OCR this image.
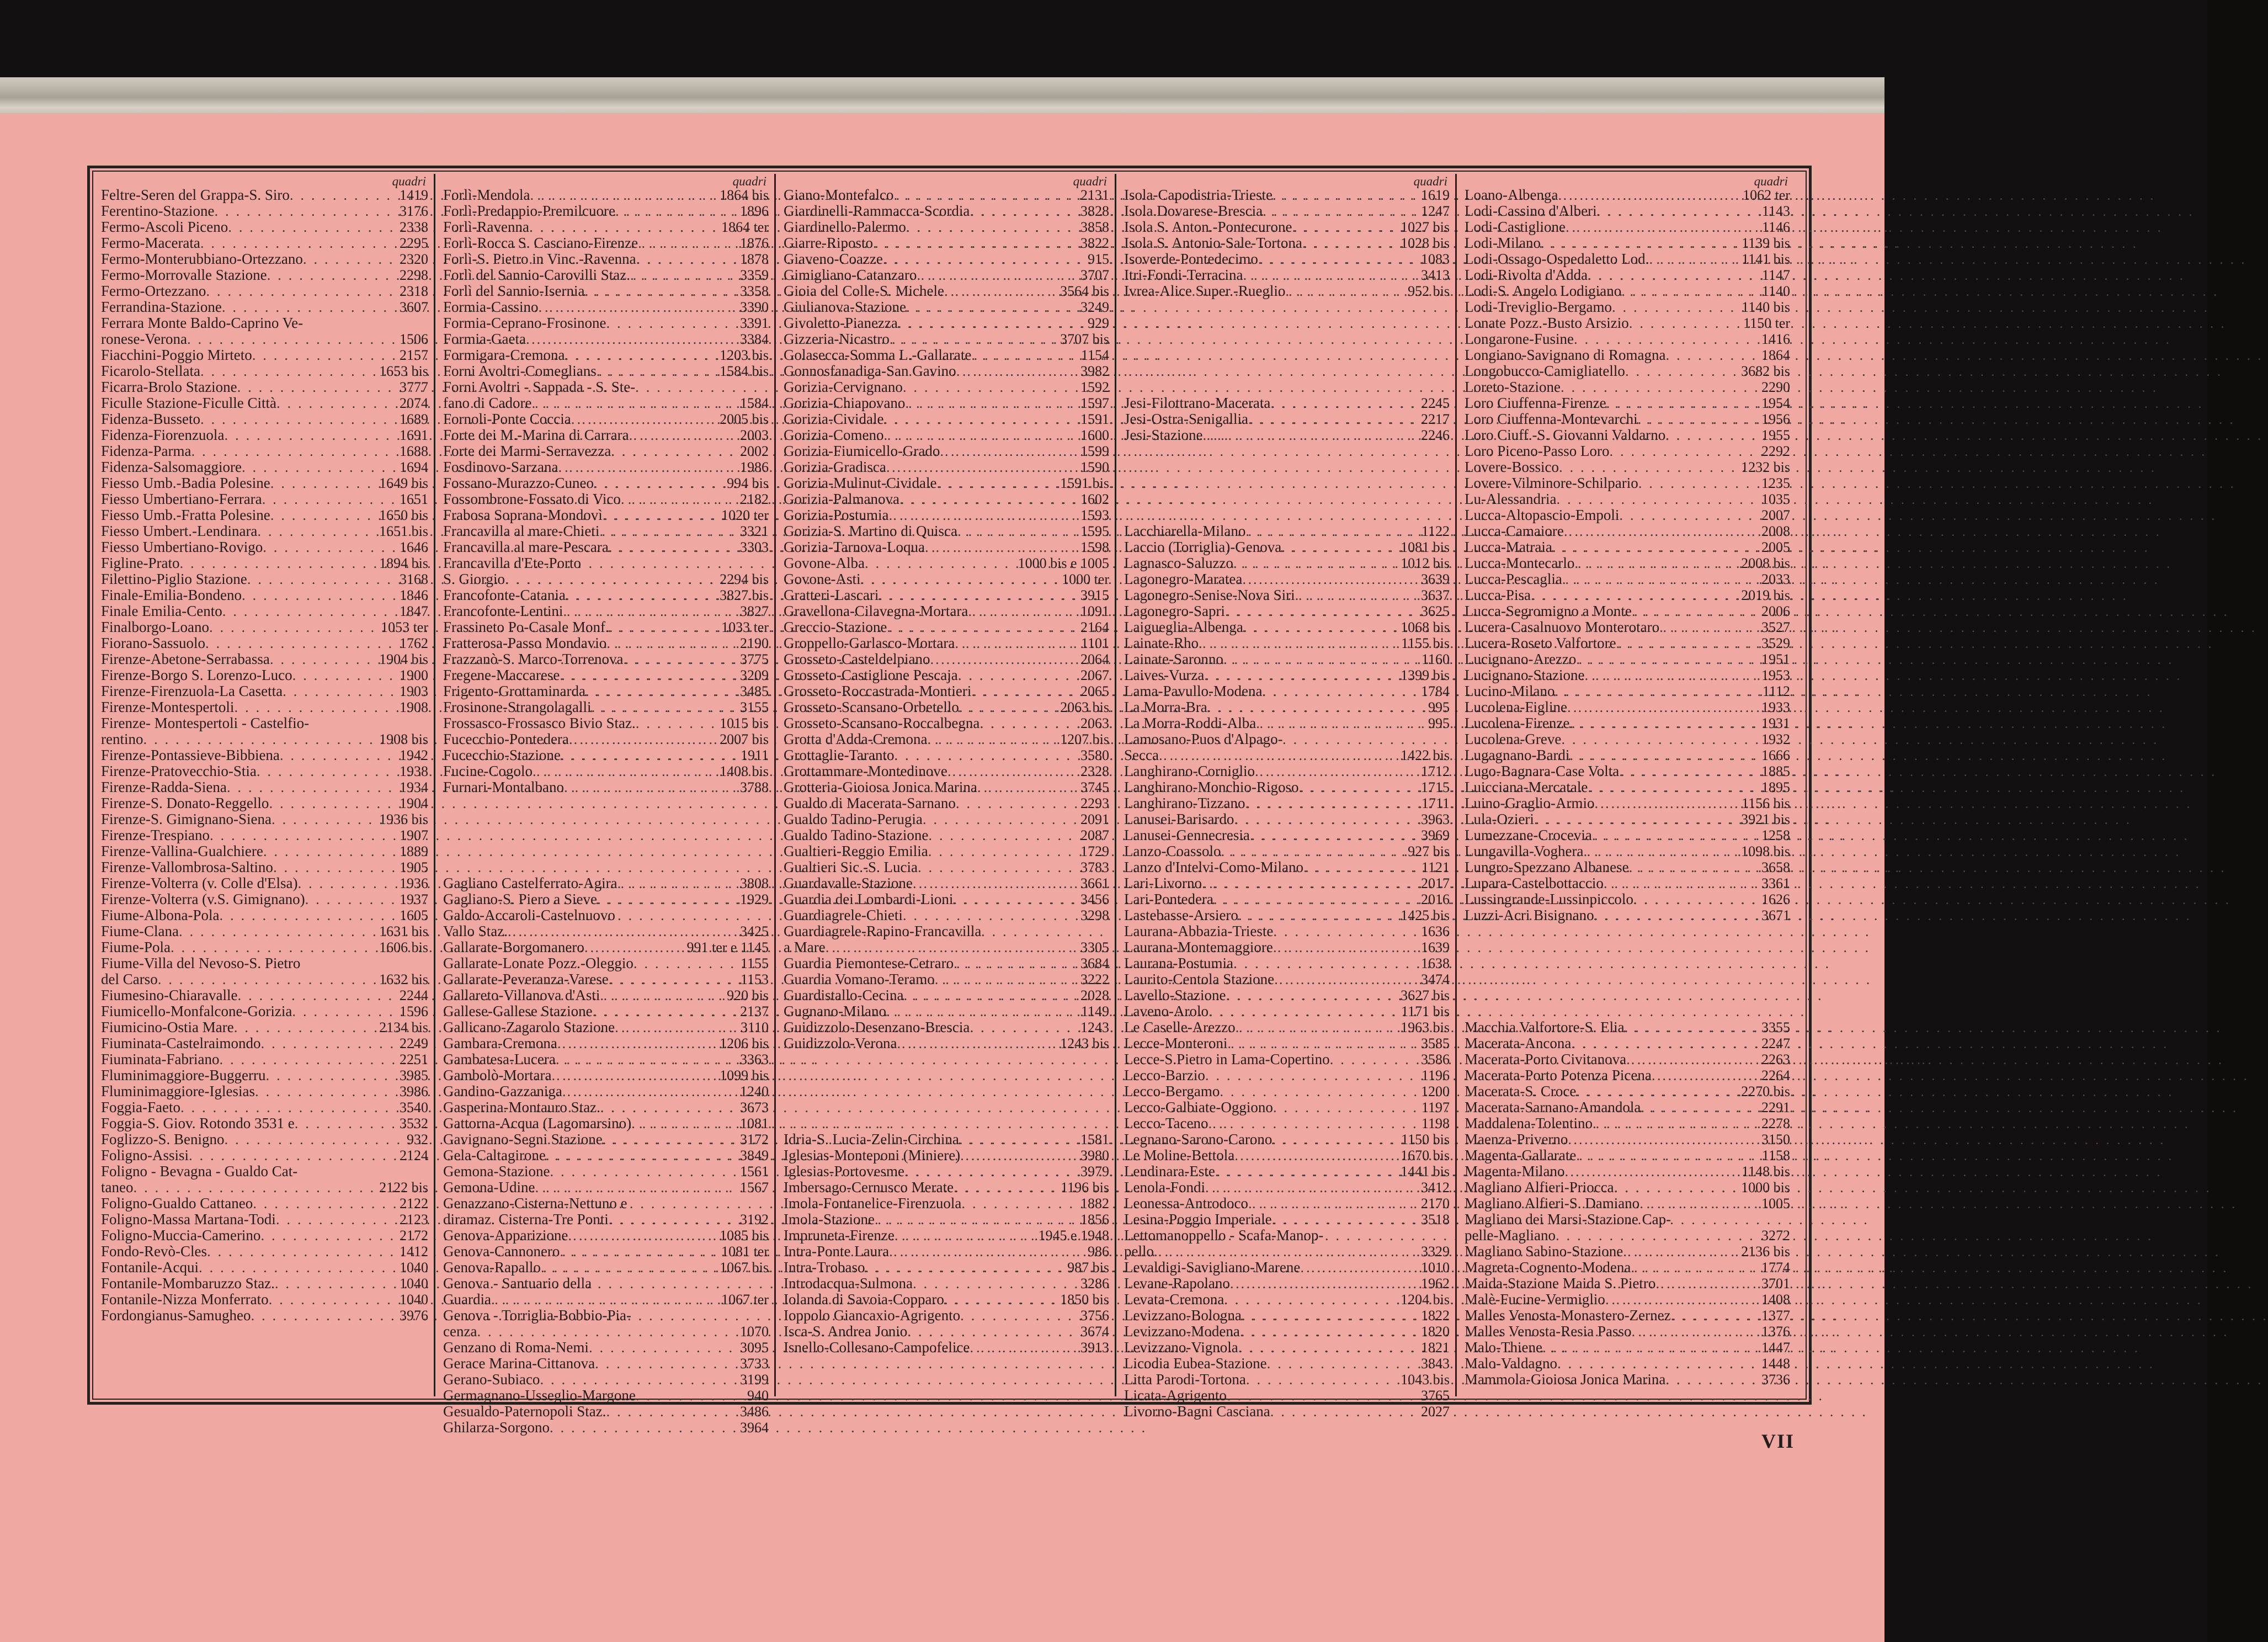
quadri
Feltre-Seren del Grappa-S. Siro . . .	1419
Ferentino-Stazione . . .	3176
Fermo-Ascoli Piceno . . .	2338
Fermo-Macerata . . .	2295
Fermo-Monterubbiano-Ortezzano . . .	2320
Fermo-Morrovalle Stazione . . .	2298
Fermo-Ortezzano . . .	2318
Ferrandina-Stazione . . .	3607
Ferrara Monte Baldo-Caprino Ve-
ronese-Verona . . .	1506
Fiacchini-Poggio Mirteto . . .	2157
Ficarolo-Stellata . . .	1653 bis
Ficarra-Brolo Stazione . . .	3777
Ficulle Stazione-Ficulle Città . . .	2074
Fidenza-Busseto . . .	1689
Fidenza-Fiorenzuola . . .	1691
Fidenza-Parma . . .	1688
Fidenza-Salsomaggiore . . .	1694
Fiesso Umb.-Badia Polesine . . .	1649 bis
Fiesso Umbertiano-Ferrara . . .	1651
Fiesso Umb.-Fratta Polesine . . .	1650 bis
Fiesso Umbert.-Lendinara . . .	1651 bis
Fiesso Umbertiano-Rovigo . . .	1646
Figline-Prato . . .	1894 bis
Filettino-Piglio Stazione . . .	3168
Finale-Emilia-Bondeno . . .	1846
Finale Emilia-Cento . . .	1847
Finalborgo-Loano . . .	1053 ter
Fiorano-Sassuolo . . .	1762
Firenze-Abetone-Serrabassa . . .	1904 bis
Firenze-Borgo S. Lorenzo-Luco . . .	1900
Firenze-Firenzuola-La Casetta . . .	1903
Firenze-Montespertoli . . .	1908
Firenze- Montespertoli - Castelfio-
rentino . . .	1908 bis
Firenze-Pontassieve-Bibbiena . . .	1942
Firenze-Pratovecchio-Stia . . .	1938
Firenze-Radda-Siena . . .	1934
Firenze-S. Donato-Reggello . . .	1904
Firenze-S. Gimignano-Siena . . .	1936 bis
Firenze-Trespiano . . .	1907
Firenze-Vallina-Gualchiere . . .	1889
Firenze-Vallombrosa-Saltino . . .	1905
Firenze-Volterra (v. Colle d'Elsa) . . .	1936
Firenze-Volterra (v.S. Gimignano) . . .	1937
Fiume-Albona-Pola . . .	1605
Fiume-Clana . . .	1631 bis
Fiume-Pola . . .	1606 bis
Fiume-Villa del Nevoso-S. Pietro
del Carso . . .	1632 bis
Fiumesino-Chiaravalle . . .	2244
Fiumicello-Monfalcone-Gorizia . . .	1596
Fiumicino-Ostia Mare . . .	2134 bis
Fiuminata-Castelraimondo . . .	2249
Fiuminata-Fabriano . . .	2251
Fluminimaggiore-Buggerru . . .	3985
Fluminimaggiore-Iglesias . . .	3986
Foggia-Faeto . . .	3540
Foggia-S. Giov. Rotondo 3531 e . . .	3532
Foglizzo-S. Benigno . . .	932
Foligno-Assisi . . .	2124
Foligno - Bevagna - Gualdo Cat-
taneo . . .	2122 bis
Foligno-Gualdo Cattaneo . . .	2122
Foligno-Massa Martana-Todi . . .	2123
Foligno-Muccia-Camerino . . .	2172
Fondo-Revò-Cles . . .	1412
Fontanile-Acqui . . .	1040
Fontanile-Mombaruzzo Staz. . . .	1040
Fontanile-Nizza Monferrato . . .	1040
Fordongianus-Samugheo . . .	3976
quadri
Forlì-Mendola . . .	1864 bis
Forlì-Predappio-Premilcuore . . .	1896
Forlì-Ravenna . . .	1864 ter
Forlì-Rocca S. Casciano-Firenze . . .	1876
Forlì-S. Pietro in Vinc.-Ravenna . . .	1878
Forlì del Sannio-Carovilli Staz. . . .	3359
Forlì del Sannio-Isernia . . .	3358
Formia-Cassino . . .	3390
Formia-Ceprano-Frosinone . . .	3391
Formia-Gaeta . . .	3384
Formigara-Cremona . . .	1203 bis
Forni Avoltri-Comeglians . . .	1584 bis
Forni Avoltri - Sappada - S. Ste-
fano di Cadore . . .	1584
Fornoli-Ponte Coccia . . .	2005 bis
Forte dei M.-Marina di Carrara . . .	2003
Forte dei Marmi-Serravezza . . .	2002
Fosdinovo-Sarzana . . .	1986
Fossano-Murazzo-Cuneo . . .	994 bis
Fossombrone-Fossato di Vico . . .	2182
Frabosa Soprana-Mondovì . . .	1020 ter
Francavilla al mare-Chieti . . .	3321
Francavilla al mare-Pescara . . .	3303
Francavilla d'Ete-Porto
S. Giorgio . . .	2294 bis
Francofonte-Catania . . .	3827 bis
Francofonte-Lentini . . .	3827
Frassineto Po-Casale Monf. . . .	1033 ter
Fratterosa-Passo Mondavio . . .	2190
Frazzanò-S. Marco-Torrenova . . .	3775
Fregene-Maccarese . . .	3209
Frigento-Grottaminarda . . .	3485
Frosinone-Strangolagalli . . .	3155
Frossasco-Frossasco Bivio Staz. . . .	1015 bis
Fucecchio-Pontedera . . .	2007 bis
Fucecchio-Stazione . . .	1911
Fucine-Cogolo . . .	1408 bis
Furnari-Montalbano . . .	3788
Gagliano Castelferrato-Agira . . .	3808
Gagliano-S. Piero a Sieve . . .	1929
Galdo-Accaroli-Castelnuovo
Vallo Staz. . . .	3425
Gallarate-Borgomanero . . .	991 ter e 1145
Gallarate-Lonate Pozz.-Oleggio . . .	1155
Gallarate-Peveranza-Varese . . .	1153
Gallareto-Villanova d'Asti . . .	920 bis
Gallese-Gallese Stazione . . .	2137
Gallicano-Zagarolo Stazione . . .	3110
Gambara-Cremona . . .	1206 bis
Gambatesa-Lucera . . .	3363
Gambolò-Mortara . . .	1099 bis
Gandino-Gazzaniga . . .	1240
Gasperina-Montauro Staz. . . .	3673
Gattorna-Acqua (Lagomarsino) . . .	1081
Gavignano-Segni Stazione . . .	3172
Gela-Caltagirone . . .	3849
Gemona-Stazione . . .	1561
Gemona-Udine . . .	1567
Genazzano-Cisterna-Nettuno e
diramaz. Cisterna-Tre Ponti . . .	3192
Genova-Apparizione . . .	1085 bis
Genova-Cannonero . . .	1081 ter
Genova-Rapallo . . .	1067 bis
Genova - Santuario della
Guardia . . .	1067 ter
Genova - Torriglia-Bobbio-Pia-
cenza . . .	1070
Genzano di Roma-Nemi . . .	3095
Gerace Marina-Cittanova . . .	3733
Gerano-Subiaco . . .	3199
Germagnano-Usseglio-Margone . . .	940
Gesualdo-Paternopoli Staz. . . .	3486
Ghilarza-Sorgono . . .	3964
quadri
Giano-Montefalco . . .	2131
Giardinelli-Rammacca-Scordia . . .	3828
Giardinello-Palermo . . .	3858
Giarre-Riposto . . .	3822
Giaveno-Coazze . . .	915
Gimigliano-Catanzaro . . .	3707
Gioia del Colle-S. Michele . . .	3564 bis
Giulianova-Stazione . . .	3249
Givoletto-Pianezza . . .	929
Gizzeria-Nicastro . . .	3707 bis
Golasecca-Somma L.-Gallarate . . .	1154
Gonnosfanadiga-San Gavino . . .	3982
Gorizia-Cervignano . . .	1592
Gorizia-Chiapovano . . .	1597
Gorizia-Cividale . . .	1591
Gorizia-Comeno . . .	1600
Gorizia-Fiumicello-Grado . . .	1599
Gorizia-Gradisca . . .	1590
Gorizia-Mulinut-Cividale . . .	1591 bis
Gorizia-Palmanova . . .	1602
Gorizia-Postumia . . .	1593
Gorizia-S. Martino di Quisca . . .	1595
Gorizia-Tarnova-Loqua . . .	1598
Govone-Alba . . .	1000 bis e 1005
Govone-Asti . . .	1000 ter
Gratteri-Lascari . . .	3915
Gravellona-Cilavegna-Mortara . . .	1091
Greccio-Stazione . . .	2164
Groppello-Garlasco-Mortara . . .	1101
Grosseto-Casteldelpiano . . .	2064
Grosseto-Castiglione Pescaja . . .	2067
Grosseto-Roccastrada-Montieri . . .	2065
Grosseto-Scansano-Orbetello . . .	2063 bis
Grosseto-Scansano-Roccalbegna . . .	2063
Grotta d'Adda-Cremona . . .	1207 bis
Grottaglie-Taranto . . .	3580
Grottammare-Montedinove . . .	2328
Grotteria-Gioiosa Jonica Marina . . .	3745
Gualdo di Macerata-Sarnano . . .	2293
Gualdo Tadino-Perugia . . .	2091
Gualdo Tadino-Stazione . . .	2087
Gualtieri-Reggio Emilia . . .	1729
Gualtieri Sic.-S. Lucia . . .	3783
Guardavalle-Stazione . . .	3661
Guardia dei Lombardi-Lioni . . .	3456
Guardiagrele-Chieti . . .	3298
Guardiagrele-Rapino-Francavilla
a Mare . . .	3305
Guardia Piemontese-Cetraro . . .	3684
Guardia Vomano-Teramo . . .	3222
Guardistallo-Cecina . . .	2028
Gugnano-Milano . . .	1149
Guidizzolo-Desenzano-Brescia . . .	1243
Guidizzolo-Verona . . .	1243 bis
Idria-S. Lucia-Zelin-Circhina . . .	1581
Iglesias-Monteponi (Miniere) . . .	3980
Iglesias-Portovesme . . .	3979
Imbersago-Cernusco Merate . . .	1196 bis
Imola-Fontanelice-Firenzuola . . .	1882
Imola-Stazione . . .	1856
Impruneta-Firenze . . .	1945 e 1948
Intra-Ponte Laura . . .	986
Intra-Trobaso . . .	987 bis
Introdacqua-Sulmona . . .	3286
Iolanda di Savoia-Copparo . . .	1850 bis
Ioppolo Giancaxio-Agrigento . . .	3756
Isca-S. Andrea Jonio . . .	3674
Isnello-Collesano-Campofelice . . .	3913
quadri
Isola-Capodistria-Trieste . . .	1619
Isola Dovarese-Brescia . . .	1247
Isola S. Anton.-Pontecurone . . .	1027 bis
Isola S. Antonio-Sale-Tortona . . .	1028 bis
Isoverde-Pontedecimo . . .	1083
Itri-Fondi-Terracina . . .	3413
Ivrea-Alice Super.-Rueglio . . .	952 bis
Jesi-Filottrano-Macerata . . .	2245
Jesi-Ostra-Senigallia . . .	2217
Jesi-Stazione . . .	2246
Lacchiarella-Milano . . .	1122
Laccio (Torriglia)-Genova . . .	1081 bis
Lagnasco-Saluzzo . . .	1012 bis
Lagonegro-Maratea . . .	3639
Lagonegro-Senise-Nova Siri . . .	3637
Lagonegro-Sapri . . .	3625
Laigueglia-Albenga . . .	1068 bis
Lainate-Rho . . .	1155 bis
Lainate-Saronno . . .	1160
Laives-Vurza . . .	1399 bis
Lama-Pavullo-Modena . . .	1784
La Morra-Bra . . .	995
La Morra-Roddi-Alba . . .	995
Lamosano-Puos d'Alpago-
Secca . . .	1422 bis
Langhirano-Corniglio . . .	1712
Langhirano-Monchio-Rigoso . . .	1715
Langhirano-Tizzano . . .	1711
Lanusei-Barisardo . . .	3963
Lanusei-Gennecresia . . .	3969
Lanzo-Coassolo . . .	927 bis
Lanzo d'Intelvi-Como-Milano . . .	1121
Lari-Livorno . . .	2017
Lari-Pontedera . . .	2016
Lastebasse-Arsiero . . .	1425 bis
Laurana-Abbazia-Trieste . . .	1636
Laurana-Montemaggiore . . .	1639
Laurana-Postumia . . .	1638
Laurito-Centola Stazione . . .	3474
Lavello-Stazione . . .	3627 bis
Laveno-Arolo . . .	1171 bis
Le Caselle-Arezzo . . .	1963 bis
Lecce-Monteroni . . .	3585
Lecce-S.Pietro in Lama-Copertino . . .	3586
Lecco-Barzio . . .	1196
Lecco-Bergamo . . .	1200
Lecco-Galbiate-Oggiono . . .	1197
Lecco-Taceno . . .	1198
Legnano-Sarono-Carono . . .	1150 bis
Le Moline-Bettola . . .	1670 bis
Lendinara-Este . . .	1441 bis
Lenola-Fondi . . .	3412
Leonessa-Antrodoco . . .	2170
Lesina-Poggio Imperiale . . .	3518
Lettomanoppello - Scafa-Manop-
pello . . .	3329
Levaldigi-Savigliano-Marene . . .	1010
Levane-Rapolano . . .	1962
Levata-Cremona . . .	1204 bis
Levizzano-Bologna . . .	1822
Levizzano-Modena . . .	1820
Levizzano-Vignola . . .	1821
Licodia Eubea-Stazione . . .	3843
Litta Parodi-Tortona . . .	1043 bis
Licata-Agrigento . . .	3765
Livorno-Bagni Casciana . . .	2027
quadri
Loano-Albenga . . .	1062 ter
Lodi-Cassino d'Alberi . . .	1143
Lodi-Castiglione . . .	1146
Lodi-Milano . . .	1139 bis
Lodi-Ossago-Ospedaletto Lod. . . .	1141 bis
Lodi-Rivolta d'Adda . . .	1147
Lodi-S. Angelo Lodigiano . . .	1140
Lodi-Treviglio-Bergamo . . .	1140 bis
Lonate Pozz.-Busto Arsizio . . .	1150 ter
Longarone-Fusine . . .	1416
Longiano-Savignano di Romagna . . .	1864
Longobucco-Camigliatello . . .	3682 bis
Loreto-Stazione . . .	2290
Loro Ciuffenna-Firenze . . .	1954
Loro Ciuffenna-Montevarchi . . .	1956
Loro Ciuff.-S. Giovanni Valdarno . . .	1955
Loro Piceno-Passo Loro . . .	2292
Lovere-Bossico . . .	1232 bis
Lovere-Vilminore-Schilpario . . .	1235
Lu-Alessandria . . .	1035
Lucca-Altopascio-Empoli . . .	2007
Lucca-Camaiore . . .	2008
Lucca-Matraia . . .	2005
Lucca-Montecarlo . . .	2008 bis
Lucca-Pescaglia . . .	2033
Lucca-Pisa . . .	2019 bis
Lucca-Segromigno a Monte . . .	2006
Lucera-Casalnuovo Monterotaro . . .	3527
Lucera-Roseto Valfortore . . .	3529
Lucignano-Arezzo . . .	1951
Lucignano-Stazione . . .	1953
Lucino-Milano . . .	1112
Lucolena-Figline . . .	1933
Lucolena-Firenze . . .	1931
Lucolena-Greve . . .	1932
Lugagnano-Bardi . . .	1666
Lugo-Bagnara-Case Volta . . .	1885
Luicciana-Mercatale . . .	1895
Luino-Graglio-Armio . . .	1156 bis
Lula-Ozieri . . .	3921 bis
Lumezzane-Crocevia . . .	1258
Lungavilla-Voghera . . .	1098 bis
Lungro-Spezzano Albanese . . .	3658
Lupara-Castelbottaccio . . .	3361
Lussingrande-Lussinpiccolo . . .	1626
Luzzi-Acri Bisignano . . .	3671
Macchia Valfortore-S. Elia . . .	3355
Macerata-Ancona . . .	2247
Macerata-Porto Civitanova . . .	2263
Macerata-Porto Potenza Picena . . .	2264
Macerata-S. Croce . . .	2270 bis
Macerata-Sarnano-Amandola . . .	2291
Maddalena-Tolentino . . .	2278
Maenza-Priverno . . .	3150
Magenta-Gallarate . . .	1158
Magenta-Milano . . .	1148 bis
Magliano Alfieri-Priocca . . .	1000 bis
Magliano Alfieri-S. Damiano . . .	1005
Magliano dei Marsi-Stazione Cap-
pelle-Magliano . . .	3272
Magliano Sabino-Stazione . . .	2136 bis
Magreta-Cognento-Modena . . .	1774
Maida-Stazione Maida S. Pietro . . .	3701
Malè-Fucine-Vermiglio . . .	1408
Malles Venosta-Monastero-Zernez . . .	1377
Malles Venosta-Resia Passo . . .	1376
Malo-Thiene . . .	1447
Malo-Valdagno . . .	1448
Mammola-Gioiosa Jonica Marina . . .	3736
VII
